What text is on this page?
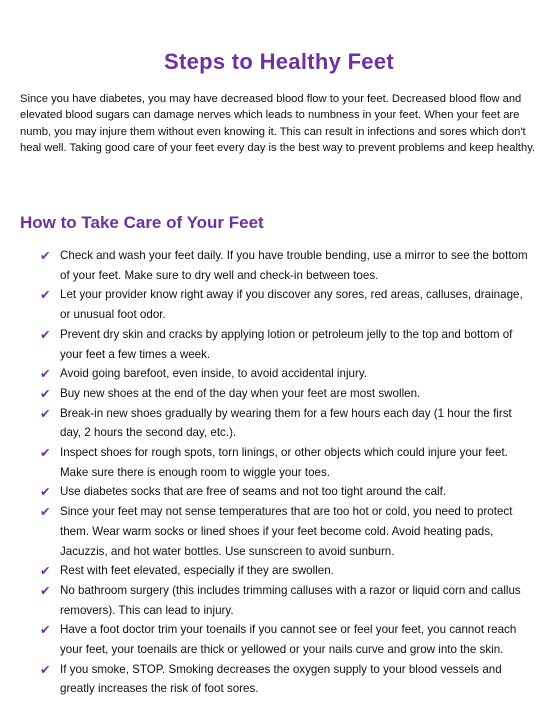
Steps to Healthy Feet

Since you have diabetes, you may have decreased blood flow to your feet. Decreased blood flow and elevated blood sugars can damage nerves which leads to numbness in your feet. When your feet are numb, you may injure them without even knowing it. This can result in infections and sores which don't heal well. Taking good care of your feet every day is the best way to prevent problems and keep healthy.

How to Take Care of Your Feet
✔ Check and wash your feet daily. If you have trouble bending, use a mirror to see the bottom of your feet. Make sure to dry well and check-in between toes.
✔ Let your provider know right away if you discover any sores, red areas, calluses, drainage, or unusual foot odor.
✔ Prevent dry skin and cracks by applying lotion or petroleum jelly to the top and bottom of your feet a few times a week.
✔ Avoid going barefoot, even inside, to avoid accidental injury.
✔ Buy new shoes at the end of the day when your feet are most swollen.
✔ Break-in new shoes gradually by wearing them for a few hours each day (1 hour the first day, 2 hours the second day, etc.).
✔ Inspect shoes for rough spots, torn linings, or other objects which could injure your feet. Make sure there is enough room to wiggle your toes.
✔ Use diabetes socks that are free of seams and not too tight around the calf.
✔ Since your feet may not sense temperatures that are too hot or cold, you need to protect them. Wear warm socks or lined shoes if your feet become cold. Avoid heating pads, Jacuzzis, and hot water bottles. Use sunscreen to avoid sunburn.
✔ Rest with feet elevated, especially if they are swollen.
✔ No bathroom surgery (this includes trimming calluses with a razor or liquid corn and callus removers). This can lead to injury.
✔ Have a foot doctor trim your toenails if you cannot see or feel your feet, you cannot reach your feet, your toenails are thick or yellowed or your nails curve and grow into the skin.
✔ If you smoke, STOP. Smoking decreases the oxygen supply to your blood vessels and greatly increases the risk of foot sores.
